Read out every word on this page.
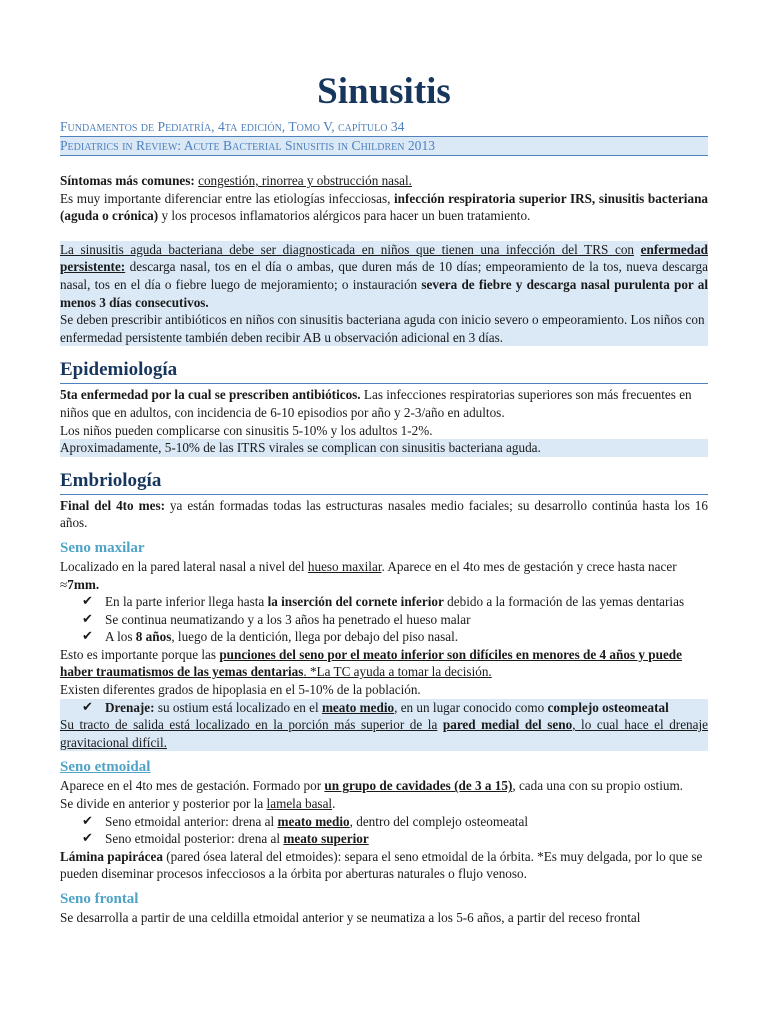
Sinusitis
Fundamentos de Pediatría, 4ta edición, Tomo V, capítulo 34
Pediatrics in Review: Acute Bacterial Sinusitis in Children 2013

Síntomas más comunes: congestión, rinorrea y obstrucción nasal.

Es muy importante diferenciar entre las etiologías infecciosas, infección respiratoria superior IRS, sinusitis bacteriana (aguda o crónica) y los procesos inflamatorios alérgicos para hacer un buen tratamiento.

La sinusitis aguda bacteriana debe ser diagnosticada en niños que tienen una infección del TRS con enfermedad persistente: descarga nasal, tos en el día o ambas, que duren más de 10 días; empeoramiento de la tos, nueva descarga nasal, tos en el día o fiebre luego de mejoramiento; o instauración severa de fiebre y descarga nasal purulenta por al menos 3 días consecutivos.

Se deben prescribir antibióticos en niños con sinusitis bacteriana aguda con inicio severo o empeoramiento. Los niños con enfermedad persistente también deben recibir AB u observación adicional en 3 días.

Epidemiología

5ta enfermedad por la cual se prescriben antibióticos. Las infecciones respiratorias superiores son más frecuentes en niños que en adultos, con incidencia de 6-10 episodios por año y 2-3/año en adultos.

Los niños pueden complicarse con sinusitis 5-10% y los adultos 1-2%.

Aproximadamente, 5-10% de las ITRS virales se complican con sinusitis bacteriana aguda.

Embriología

Final del 4to mes: ya están formadas todas las estructuras nasales medio faciales; su desarrollo continúa hasta los 16 años.

Seno maxilar

Localizado en la pared lateral nasal a nivel del hueso maxilar. Aparece en el 4to mes de gestación y crece hasta nacer ≈7mm.

✔ En la parte inferior llega hasta la inserción del cornete inferior debido a la formación de las yemas dentarias

✔ Se continua neumatizando y a los 3 años ha penetrado el hueso malar

✔ A los 8 años, luego de la dentición, llega por debajo del piso nasal.

Esto es importante porque las punciones del seno por el meato inferior son difíciles en menores de 4 años y puede haber traumatismos de las yemas dentarias. *La TC ayuda a tomar la decisión.

Existen diferentes grados de hipoplasia en el 5-10% de la población.

✔ Drenaje: su ostium está localizado en el meato medio, en un lugar conocido como complejo osteomeatal

Su tracto de salida está localizado en la porción más superior de la pared medial del seno, lo cual hace el drenaje gravitacional difícil.

Seno etmoidal

Aparece en el 4to mes de gestación. Formado por un grupo de cavidades (de 3 a 15), cada una con su propio ostium.

Se divide en anterior y posterior por la lamela basal.

✔ Seno etmoidal anterior: drena al meato medio, dentro del complejo osteomeatal

✔ Seno etmoidal posterior: drena al meato superior

Lámina papirácea (pared ósea lateral del etmoides): separa el seno etmoidal de la órbita. *Es muy delgada, por lo que se pueden diseminar procesos infecciosos a la órbita por aberturas naturales o flujo venoso.

Seno frontal

Se desarrolla a partir de una celdilla etmoidal anterior y se neumatiza a los 5-6 años, a partir del receso frontal
